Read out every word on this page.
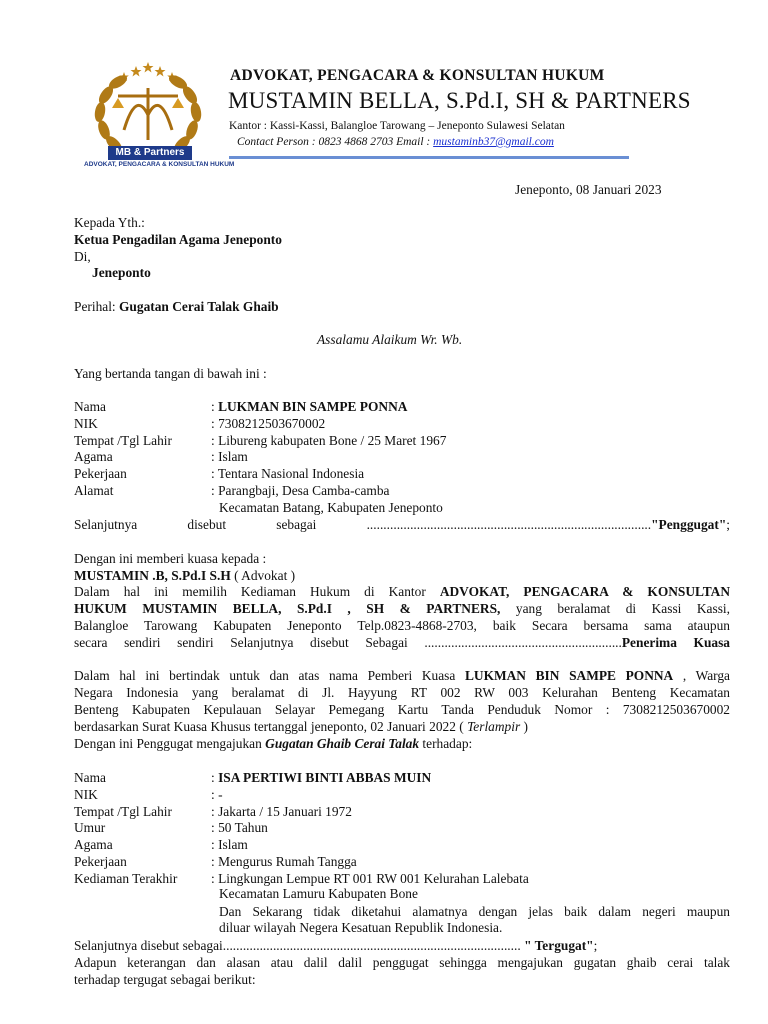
MB & Partners
ADVOKAT, PENGACARA & KONSULTAN HUKUM
ADVOKAT, PENGACARA & KONSULTAN HUKUM
MUSTAMIN BELLA, S.Pd.I, SH & PARTNERS
Kantor : Kassi-Kassi, Balangloe Tarowang – Jeneponto Sulawesi Selatan
Contact Person : 0823 4868 2703 Email : mustaminb37@gmail.com
Jeneponto, 08 Januari 2023
Kepada Yth.:
Ketua Pengadilan Agama Jeneponto
Di,
Jeneponto
Perihal: Gugatan Cerai Talak Ghaib
Assalamu Alaikum Wr. Wb.
Yang bertanda tangan di bawah ini :
Nama	: LUKMAN BIN SAMPE PONNA
NIK	: 7308212503670002
Tempat /Tgl Lahir	: Libureng kabupaten Bone / 25 Maret 1967
Agama	: Islam
Pekerjaan	: Tentara Nasional Indonesia
Alamat	: Parangbaji, Desa Camba-camba
Kecamatan Batang, Kabupaten Jeneponto
Selanjutnya disebut sebagai ....................................................................................."Penggugat";
Dengan ini memberi kuasa kepada :
MUSTAMIN .B, S.Pd.I S.H ( Advokat )
Dalam hal ini memilih Kediaman Hukum di Kantor ADVOKAT, PENGACARA & KONSULTAN
HUKUM MUSTAMIN BELLA, S.Pd.I , SH & PARTNERS, yang beralamat di Kassi Kassi,
Balangloe Tarowang Kabupaten Jeneponto Telp.0823-4868-2703, baik Secara bersama sama ataupun
secara sendiri sendiri Selanjutnya disebut Sebagai ...........................................................Penerima Kuasa
Dalam hal ini bertindak untuk dan atas nama Pemberi Kuasa LUKMAN BIN SAMPE PONNA , Warga
Negara Indonesia yang beralamat di Jl. Hayyung RT 002 RW 003 Kelurahan Benteng Kecamatan
Benteng Kabupaten Kepulauan Selayar Pemegang Kartu Tanda Penduduk Nomor : 7308212503670002
berdasarkan Surat Kuasa Khusus tertanggal jeneponto, 02 Januari 2022 ( Terlampir )
Dengan ini Penggugat mengajukan Gugatan Ghaib Cerai Talak terhadap:
Nama	: ISA PERTIWI BINTI ABBAS MUIN
NIK	: -
Tempat /Tgl Lahir	: Jakarta / 15 Januari 1972
Umur	: 50 Tahun
Agama	: Islam
Pekerjaan	: Mengurus Rumah Tangga
Kediaman Terakhir	: Lingkungan Lempue RT 001 RW 001 Kelurahan Lalebata
Kecamatan Lamuru Kabupaten Bone
Dan Sekarang tidak diketahui alamatnya dengan jelas baik dalam negeri maupun
diluar wilayah Negera Kesatuan Republik Indonesia.
Selanjutnya disebut sebagai......................................................................................... " Tergugat";
Adapun keterangan dan alasan atau dalil dalil penggugat sehingga mengajukan gugatan ghaib cerai talak
terhadap tergugat sebagai berikut:
